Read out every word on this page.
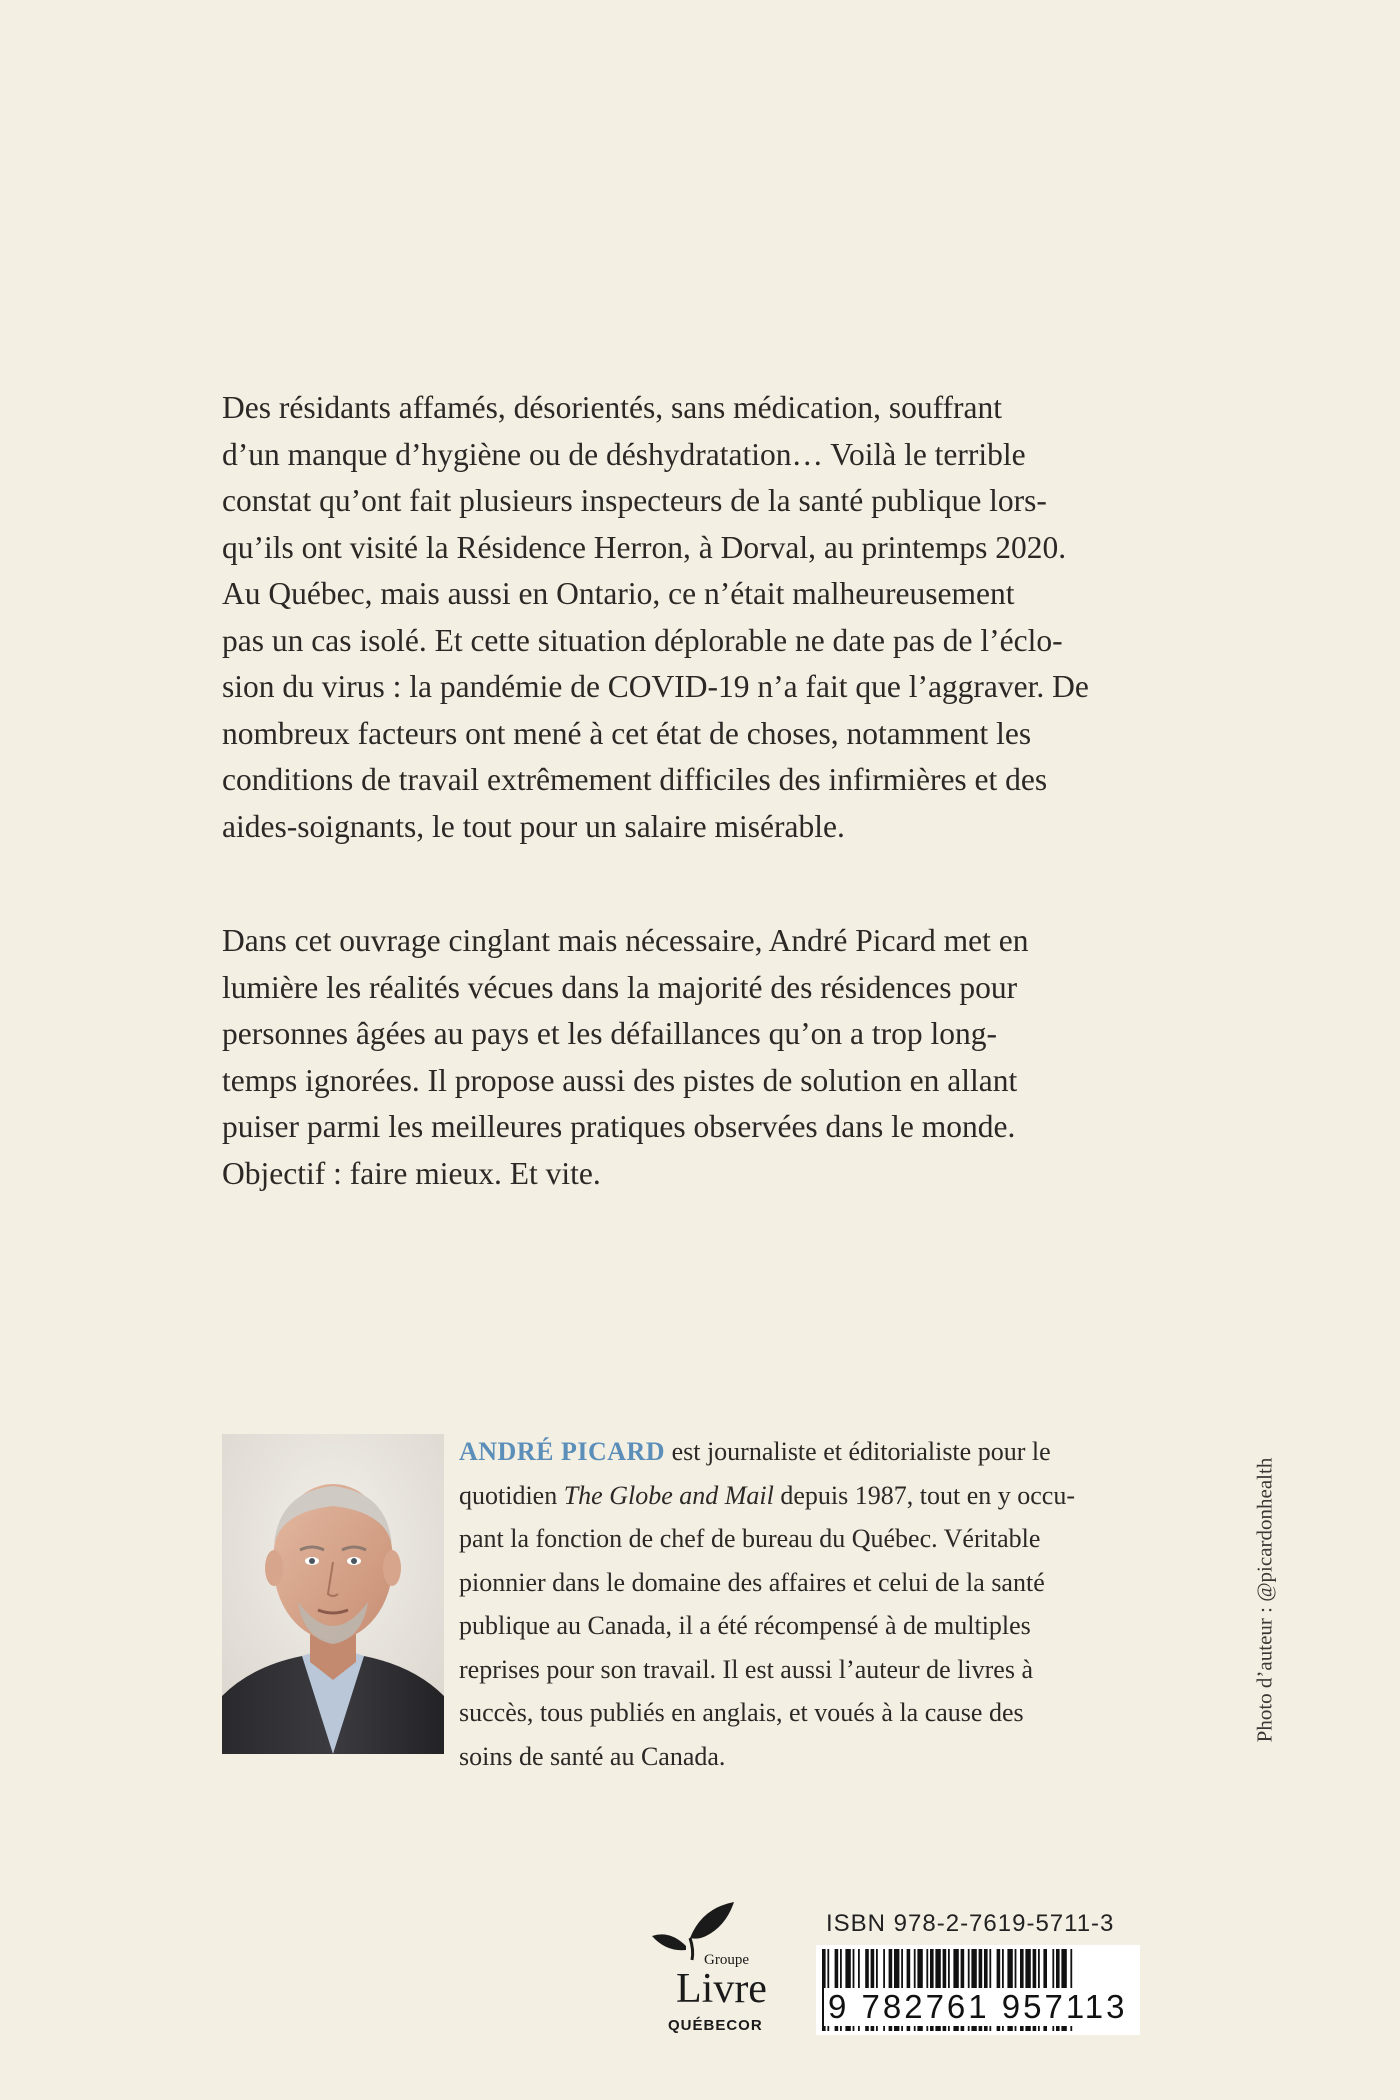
Des résidants affamés, désorientés, sans médication, souffrant
d’un manque d’hygiène ou de déshydratation… Voilà le terrible
constat qu’ont fait plusieurs inspecteurs de la santé publique lors-
qu’ils ont visité la Résidence Herron, à Dorval, au printemps 2020.
Au Québec, mais aussi en Ontario, ce n’était malheureusement
pas un cas isolé. Et cette situation déplorable ne date pas de l’éclo-
sion du virus : la pandémie de COVID-19 n’a fait que l’aggraver. De
nombreux facteurs ont mené à cet état de choses, notamment les
conditions de travail extrêmement difficiles des infirmières et des
aides-soignants, le tout pour un salaire misérable.
Dans cet ouvrage cinglant mais nécessaire, André Picard met en
lumière les réalités vécues dans la majorité des résidences pour
personnes âgées au pays et les défaillances qu’on a trop long-
temps ignorées. Il propose aussi des pistes de solution en allant
puiser parmi les meilleures pratiques observées dans le monde.
Objectif : faire mieux. Et vite.
ANDRÉ PICARD est journaliste et éditorialiste pour le
quotidien The Globe and Mail depuis 1987, tout en y occu-
pant la fonction de chef de bureau du Québec. Véritable
pionnier dans le domaine des affaires et celui de la santé
publique au Canada, il a été récompensé à de multiples
reprises pour son travail. Il est aussi l’auteur de livres à
succès, tous publiés en anglais, et voués à la cause des
soins de santé au Canada.
Photo d’auteur : @picardonhealth
Groupe
Livre
QUÉBECOR
ISBN 978-2-7619-5711-3
9 782761 957113
